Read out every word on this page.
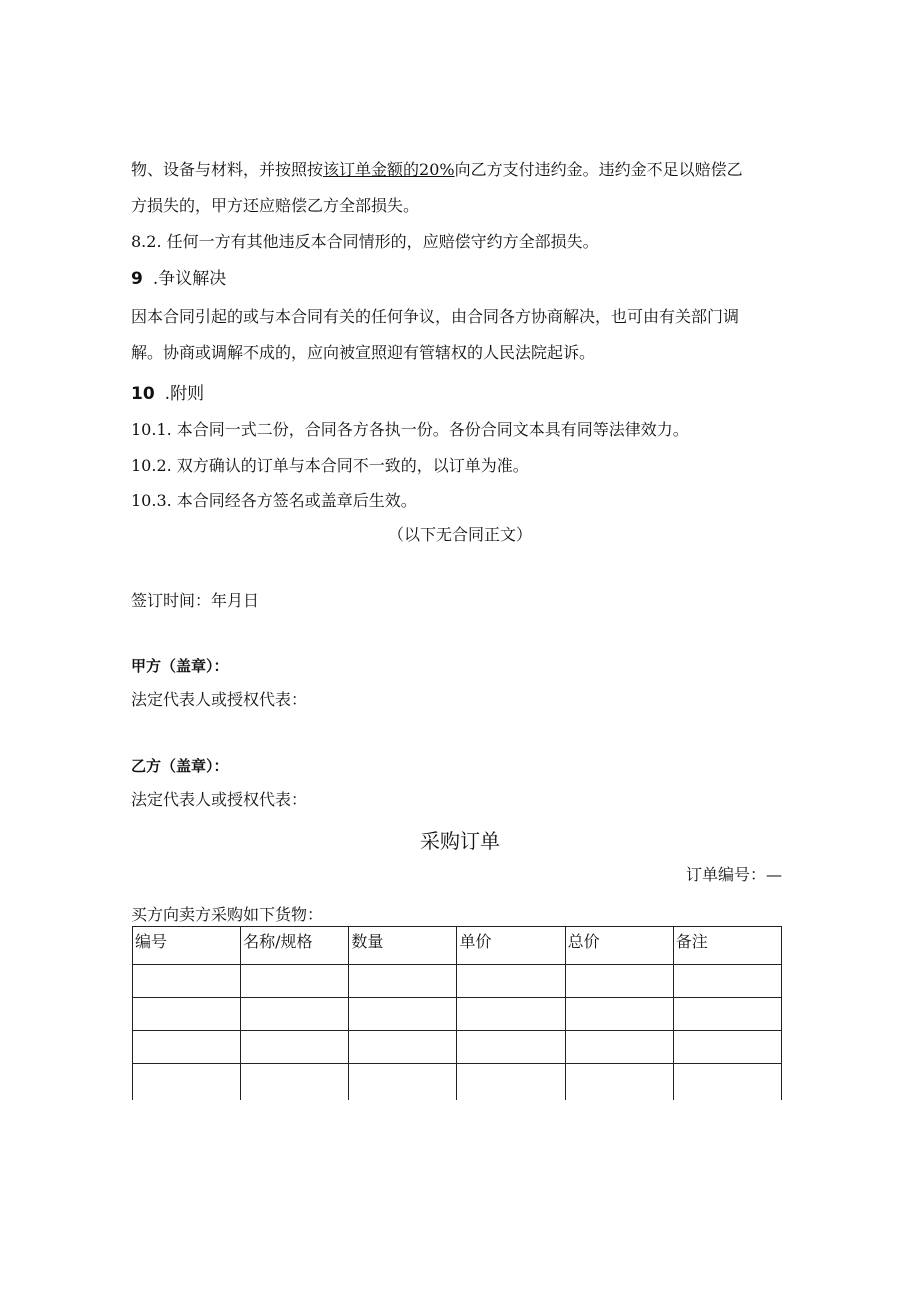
物、设备与材料，并按照按该订单金额的20%向乙方支付违约金。违约金不足以赔偿乙

方损失的，甲方还应赔偿乙方全部损失。

8.2. 任何一方有其他违反本合同情形的，应赔偿守约方全部损失。

9 .争议解决

因本合同引起的或与本合同有关的任何争议，由合同各方协商解决，也可由有关部门调

解。协商或调解不成的，应向被宣照迎有管辖权的人民法院起诉。

10 .附则

10.1. 本合同一式二份，合同各方各执一份。各份合同文本具有同等法律效力。

10.2. 双方确认的订单与本合同不一致的，以订单为准。

10.3. 本合同经各方签名或盖章后生效。

（以下无合同正文）

签订时间：年月日

甲方（盖章）：

法定代表人或授权代表：

乙方（盖章）：

法定代表人或授权代表：

采购订单

订单编号：—

买方向卖方采购如下货物：

编号	名称/规格	数量	单价	总价	备注
